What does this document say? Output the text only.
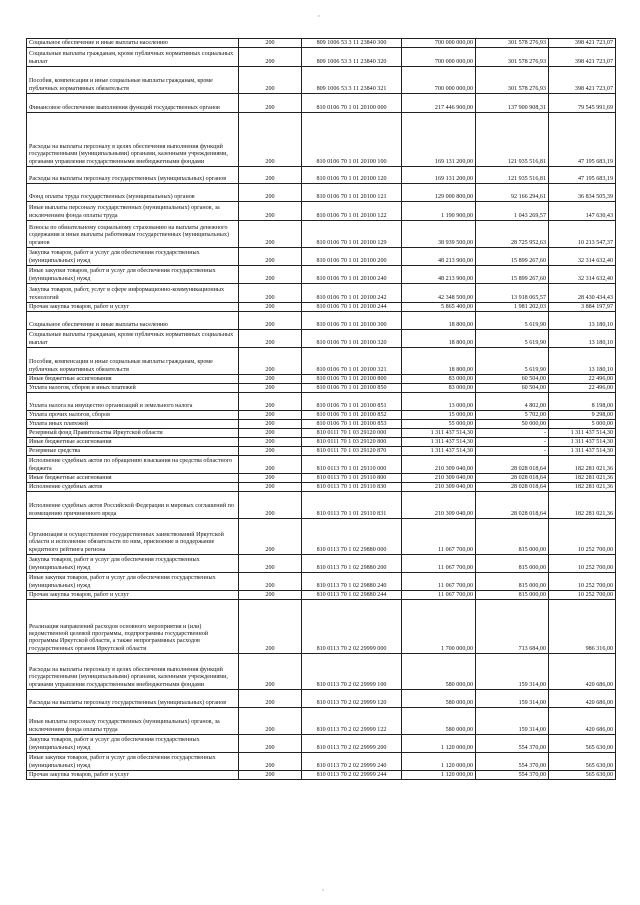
'
Социальное обеспечение и иные выплаты населению	200	809 1006 53 3 11 23840 300	700 000 000,00	301 578 276,93	398 421 723,07
Социальные выплаты гражданам, кроме публичных нормативных социальных выплат	200	809 1006 53 3 11 23840 320	700 000 000,00	301 578 276,93	398 421 723,07
Пособия, компенсации и иные социальные выплаты гражданам, кроме публичных нормативных обязательств	200	809 1006 53 3 11 23840 321	700 000 000,00	301 578 276,93	398 421 723,07
Финансовое обеспечение выполнения функций государственных органов	200	810 0106 70 1 01 20100 000	217 446 900,00	137 900 908,31	79 545 991,69
Расходы на выплаты персоналу в целях обеспечения выполнения функций государственными (муниципальными) органами, казенными учреждениями, органами управления государственными внебюджетными фондами	200	810 0106 70 1 01 20100 100	169 131 200,00	121 935 516,81	47 195 683,19
Расходы на выплаты персоналу государственных (муниципальных) органов	200	810 0106 70 1 01 20100 120	169 131 200,00	121 935 516,81	47 195 683,19
Фонд оплаты труда государственных (муниципальных) органов	200	810 0106 70 1 01 20100 121	129 000 800,00	92 166 294,61	36 834 505,39
Иные выплаты персоналу государственных (муниципальных) органов, за исключением фонда оплаты труда	200	810 0106 70 1 01 20100 122	1 190 900,00	1 043 269,57	147 630,43
Взносы по обязательному социальному страхованию на выплаты денежного содержания и иные выплаты работникам государственных (муниципальных) органов	200	810 0106 70 1 01 20100 129	38 939 500,00	28 725 952,63	10 213 547,37
Закупка товаров, работ и услуг для обеспечения государственных (муниципальных) нужд	200	810 0106 70 1 01 20100 200	48 213 900,00	15 899 267,60	32 314 632,40
Иные закупки товаров, работ и услуг для обеспечения государственных (муниципальных) нужд	200	810 0106 70 1 01 20100 240	48 213 900,00	15 899 267,60	32 314 632,40
Закупка товаров, работ, услуг в сфере информационно-коммуникационных технологий	200	810 0106 70 1 01 20100 242	42 348 500,00	13 918 065,57	28 430 434,43
Прочая закупка товаров, работ и услуг	200	810 0106 70 1 01 20100 244	5 865 400,00	1 981 202,03	3 884 197,97
Социальное обеспечение и иные выплаты населению	200	810 0106 70 1 01 20100 300	18 800,00	5 619,90	13 180,10
Социальные выплаты гражданам, кроме публичных нормативных социальных выплат	200	810 0106 70 1 01 20100 320	18 800,00	5 619,90	13 180,10
Пособия, компенсации и иные социальные выплаты гражданам, кроме публичных нормативных обязательств	200	810 0106 70 1 01 20100 321	18 800,00	5 619,90	13 180,10
Иные бюджетные ассигнования	200	810 0106 70 1 01 20100 800	83 000,00	60 504,00	22 496,00
Уплата налогов, сборов и иных платежей	200	810 0106 70 1 01 20100 850	83 000,00	60 504,00	22 496,00
Уплата налога на имущество организаций и земельного налога	200	810 0106 70 1 01 20100 851	13 000,00	4 802,00	8 198,00
Уплата прочих налогов, сборов	200	810 0106 70 1 01 20100 852	15 000,00	5 702,00	9 298,00
Уплата иных платежей	200	810 0106 70 1 01 20100 853	55 000,00	50 000,00	5 000,00
Резервный фонд Правительства Иркутской области	200	810 0111 70 1 03 29120 000	1 311 437 514,30	-	1 311 437 514,30
Иные бюджетные ассигнования	200	810 0111 70 1 03 29120 800	1 311 437 514,30	-	1 311 437 514,30
Резервные средства	200	810 0111 70 1 03 29120 870	1 311 437 514,30	-	1 311 437 514,30
Исполнение судебных актов по обращению взыскания на средства областного бюджета	200	810 0113 70 1 01 29110 000	210 309 040,00	28 028 018,64	182 281 021,36
Иные бюджетные ассигнования	200	810 0113 70 1 01 29110 800	210 309 040,00	28 028 018,64	182 281 021,36
Исполнение судебных актов	200	810 0113 70 1 01 29110 830	210 309 040,00	28 028 018,64	182 281 021,36
Исполнение судебных актов Российской Федерации и мировых соглашений по возмещению причиненного вреда	200	810 0113 70 1 01 29110 831	210 309 040,00	28 028 018,64	182 281 021,36
Организация и осуществление государственных заимствований Иркутской области и исполнение обязательств по ним, присвоение и поддержание кредитного рейтинга региона	200	810 0113 70 1 02 29880 000	11 067 700,00	815 000,00	10 252 700,00
Закупка товаров, работ и услуг для обеспечения государственных (муниципальных) нужд	200	810 0113 70 1 02 29880 200	11 067 700,00	815 000,00	10 252 700,00
Иные закупки товаров, работ и услуг для обеспечения государственных (муниципальных) нужд	200	810 0113 70 1 02 29880 240	11 067 700,00	815 000,00	10 252 700,00
Прочая закупка товаров, работ и услуг	200	810 0113 70 1 02 29880 244	11 067 700,00	815 000,00	10 252 700,00
Реализация направлений расходов основного мероприятия и (или) ведомственной целевой программы, подпрограммы государственной программы Иркутской области, а также непрограммных расходов государственных органов Иркутской области	200	810 0113 70 2 02 29999 000	1 700 000,00	713 684,00	986 316,00
Расходы на выплаты персоналу в целях обеспечения выполнения функций государственными (муниципальными) органами, казенными учреждениями, органами управления государственными внебюджетными фондами	200	810 0113 70 2 02 29999 100	580 000,00	159 314,00	420 686,00
Расходы на выплаты персоналу государственных (муниципальных) органов	200	810 0113 70 2 02 29999 120	580 000,00	159 314,00	420 686,00
Иные выплаты персоналу государственных (муниципальных) органов, за исключением фонда оплаты труда	200	810 0113 70 2 02 29999 122	580 000,00	159 314,00	420 686,00
Закупка товаров, работ и услуг для обеспечения государственных (муниципальных) нужд	200	810 0113 70 2 02 29999 200	1 120 000,00	554 370,00	565 630,00
Иные закупки товаров, работ и услуг для обеспечения государственных (муниципальных) нужд	200	810 0113 70 2 02 29999 240	1 120 000,00	554 370,00	565 630,00
Прочая закупка товаров, работ и услуг	200	810 0113 70 2 02 29999 244	1 120 000,00	554 370,00	565 630,00
,
